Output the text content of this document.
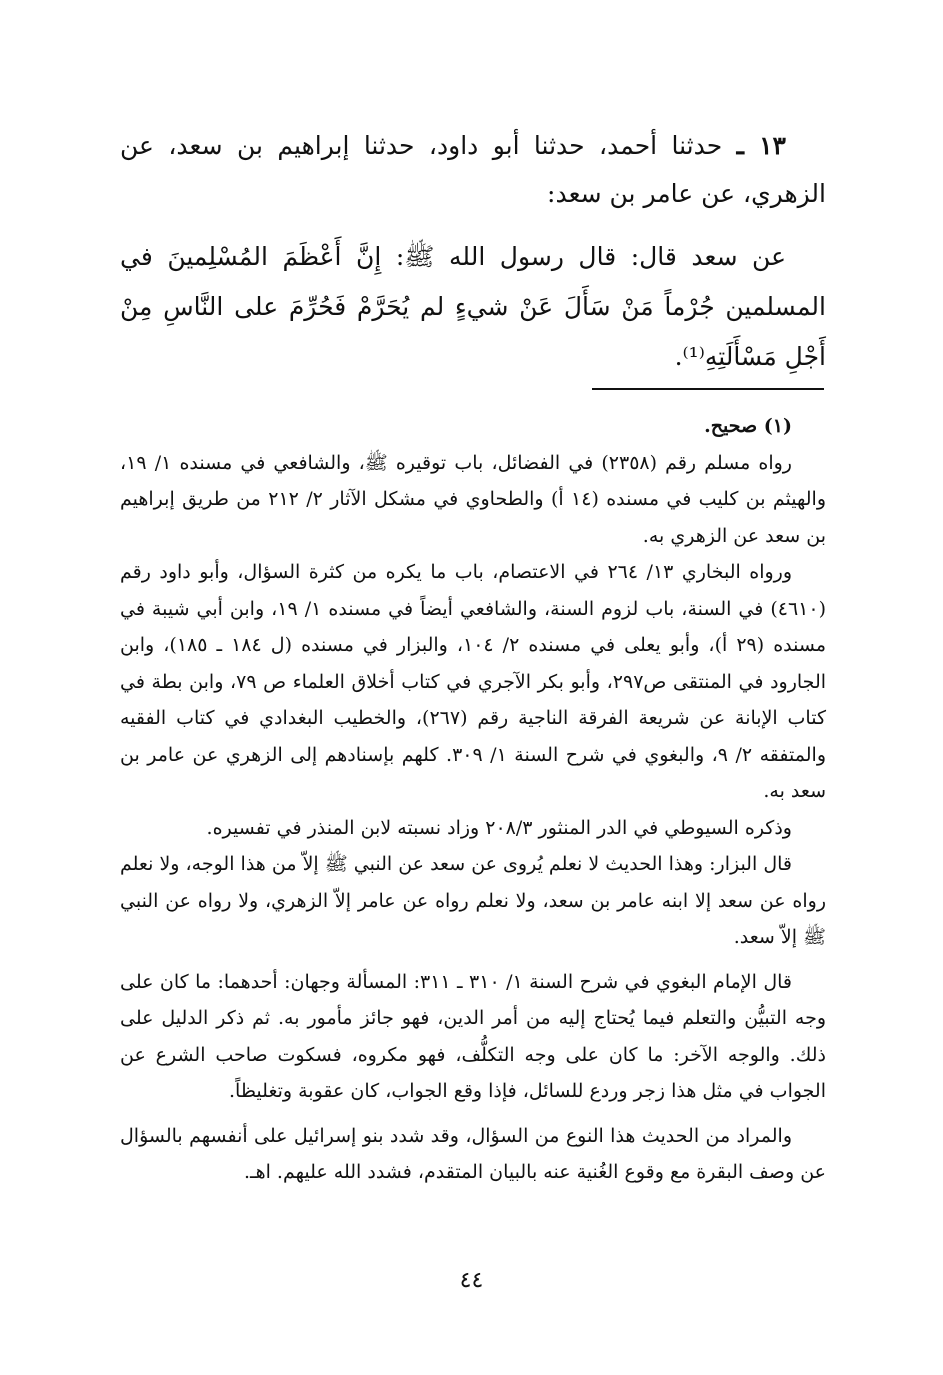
١٣ ـ حدثنا أحمد، حدثنا أبو داود، حدثنا إبراهيم بن سعد، عن الزهري، عن عامر بن سعد:

عن سعد قال: قال رسول الله ﷺ: إِنَّ أَعْظَمَ المُسْلِمينَ في المسلمين جُرْماً مَنْ سَأَلَ عَنْ شيءٍ لم يُحَرَّمْ فَحُرِّمَ على النَّاسِ مِنْ أَجْلِ مَسْأَلَتِهِ⁽¹⁾.

(١) صحيح.

رواه مسلم رقم (٢٣٥٨) في الفضائل، باب توقيره ﷺ، والشافعي في مسنده ١/ ١٩، والهيثم بن كليب في مسنده (١٤ أ) والطحاوي في مشكل الآثار ٢/ ٢١٢ من طريق إبراهيم بن سعد عن الزهري به.

ورواه البخاري ١٣/ ٢٦٤ في الاعتصام، باب ما يكره من كثرة السؤال، وأبو داود رقم (٤٦١٠) في السنة، باب لزوم السنة، والشافعي أيضاً في مسنده ١/ ١٩، وابن أبي شيبة في مسنده (٢٩ أ)، وأبو يعلى في مسنده ٢/ ١٠٤، والبزار في مسنده (ل ١٨٤ ـ ١٨٥)، وابن الجارود في المنتقى ص٢٩٧، وأبو بكر الآجري في كتاب أخلاق العلماء ص ٧٩، وابن بطة في كتاب الإبانة عن شريعة الفرقة الناجية رقم (٢٦٧)، والخطيب البغدادي في كتاب الفقيه والمتفقه ٢/ ٩، والبغوي في شرح السنة ١/ ٣٠٩. كلهم بإسنادهم إلى الزهري عن عامر بن سعد به.

وذكره السيوطي في الدر المنثور ٢٠٨/٣ وزاد نسبته لابن المنذر في تفسيره.

قال البزار: وهذا الحديث لا نعلم يُروى عن سعد عن النبي ﷺ إلاّ من هذا الوجه، ولا نعلم رواه عن سعد إلا ابنه عامر بن سعد، ولا نعلم رواه عن عامر إلاّ الزهري، ولا رواه عن النبي ﷺ إلاّ سعد.

قال الإمام البغوي في شرح السنة ١/ ٣١٠ ـ ٣١١: المسألة وجهان: أحدهما: ما كان على وجه التبيُّن والتعلم فيما يُحتاج إليه من أمر الدين، فهو جائز مأمور به. ثم ذكر الدليل على ذلك. والوجه الآخر: ما كان على وجه التكلُّف، فهو مكروه، فسكوت صاحب الشرع عن الجواب في مثل هذا زجر وردع للسائل، فإذا وقع الجواب، كان عقوبة وتغليظاً.

والمراد من الحديث هذا النوع من السؤال، وقد شدد بنو إسرائيل على أنفسهم بالسؤال عن وصف البقرة مع وقوع الغُنية عنه بالبيان المتقدم، فشدد الله عليهم. اهـ.

٤٤
